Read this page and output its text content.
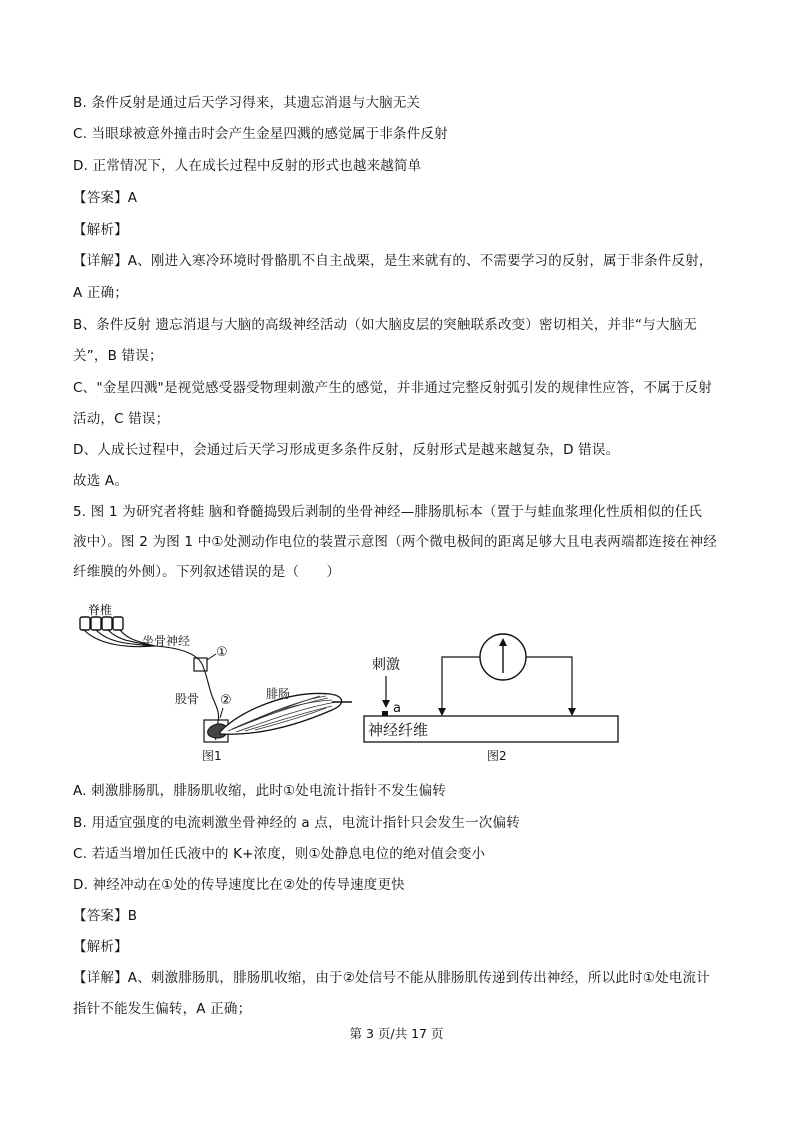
B. 条件反射是通过后天学习得来，其遗忘消退与大脑无关
C. 当眼球被意外撞击时会产生金星四溅的感觉属于非条件反射
D. 正常情况下，人在成长过程中反射的形式也越来越简单
【答案】A
【解析】
【详解】A、刚进入寒冷环境时骨骼肌不自主战栗，是生来就有的、不需要学习的反射，属于非条件反射，
A 正确；
B、条件反射 遗忘消退与大脑的高级神经活动（如大脑皮层的突触联系改变）密切相关，并非“与大脑无
关”，B 错误；
C、"金星四溅"是视觉感受器受物理刺激产生的感觉，并非通过完整反射弧引发的规律性应答，不属于反射
活动，C 错误；
D、人成长过程中，会通过后天学习形成更多条件反射，反射形式是越来越复杂，D 错误。
故选 A。
5. 图 1 为研究者将蛙 脑和脊髓捣毁后剥制的坐骨神经—腓肠肌标本（置于与蛙血浆理化性质相似的任氏
液中）。图 2 为图 1 中①处测动作电位的装置示意图（两个微电极间的距离足够大且电表两端都连接在神经
纤维膜的外侧）。下列叙述错误的是（　　）
脊椎
坐骨神经
①
股骨 ②	腓肠
图1
刺激
a
神经纤维
图2
A. 刺激腓肠肌，腓肠肌收缩，此时①处电流计指针不发生偏转
B. 用适宜强度的电流刺激坐骨神经的 a 点，电流计指针只会发生一次偏转
C. 若适当增加任氏液中的 K+浓度，则①处静息电位的绝对值会变小
D. 神经冲动在①处的传导速度比在②处的传导速度更快
【答案】B
【解析】
【详解】A、刺激腓肠肌，腓肠肌收缩，由于②处信号不能从腓肠肌传递到传出神经，所以此时①处电流计
指针不能发生偏转，A 正确；
第 3 页/共 17 页
